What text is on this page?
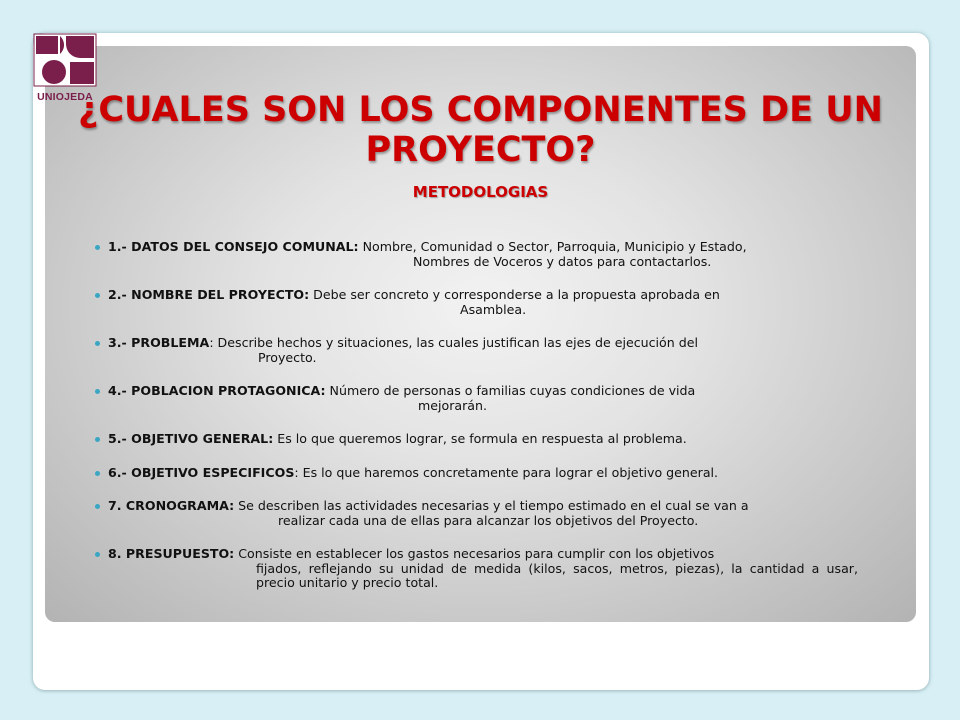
UNIOJEDA
¿CUALES SON LOS COMPONENTES DE UN PROYECTO?
METODOLOGIAS
1.- DATOS DEL CONSEJO COMUNAL: Nombre, Comunidad o Sector, Parroquia, Municipio y Estado,
Nombres de Voceros y datos para contactarlos.
2.- NOMBRE DEL PROYECTO: Debe ser concreto y corresponderse a la propuesta aprobada en
Asamblea.
3.- PROBLEMA: Describe hechos y situaciones, las cuales justifican las ejes de ejecución del
Proyecto.
4.- POBLACION PROTAGONICA: Número de personas o familias cuyas condiciones de vida
mejorarán.
5.- OBJETIVO GENERAL: Es lo que queremos lograr, se formula en respuesta al problema.
6.- OBJETIVO ESPECIFICOS: Es lo que haremos concretamente para lograr el objetivo general.
7. CRONOGRAMA: Se describen las actividades necesarias y el tiempo estimado en el cual se van a
realizar cada una de ellas para alcanzar los objetivos del Proyecto.
8. PRESUPUESTO: Consiste en establecer los gastos necesarios para cumplir con los objetivos
fijados, reflejando su unidad de medida (kilos, sacos, metros, piezas), la cantidad a usar, precio unitario y precio total.
